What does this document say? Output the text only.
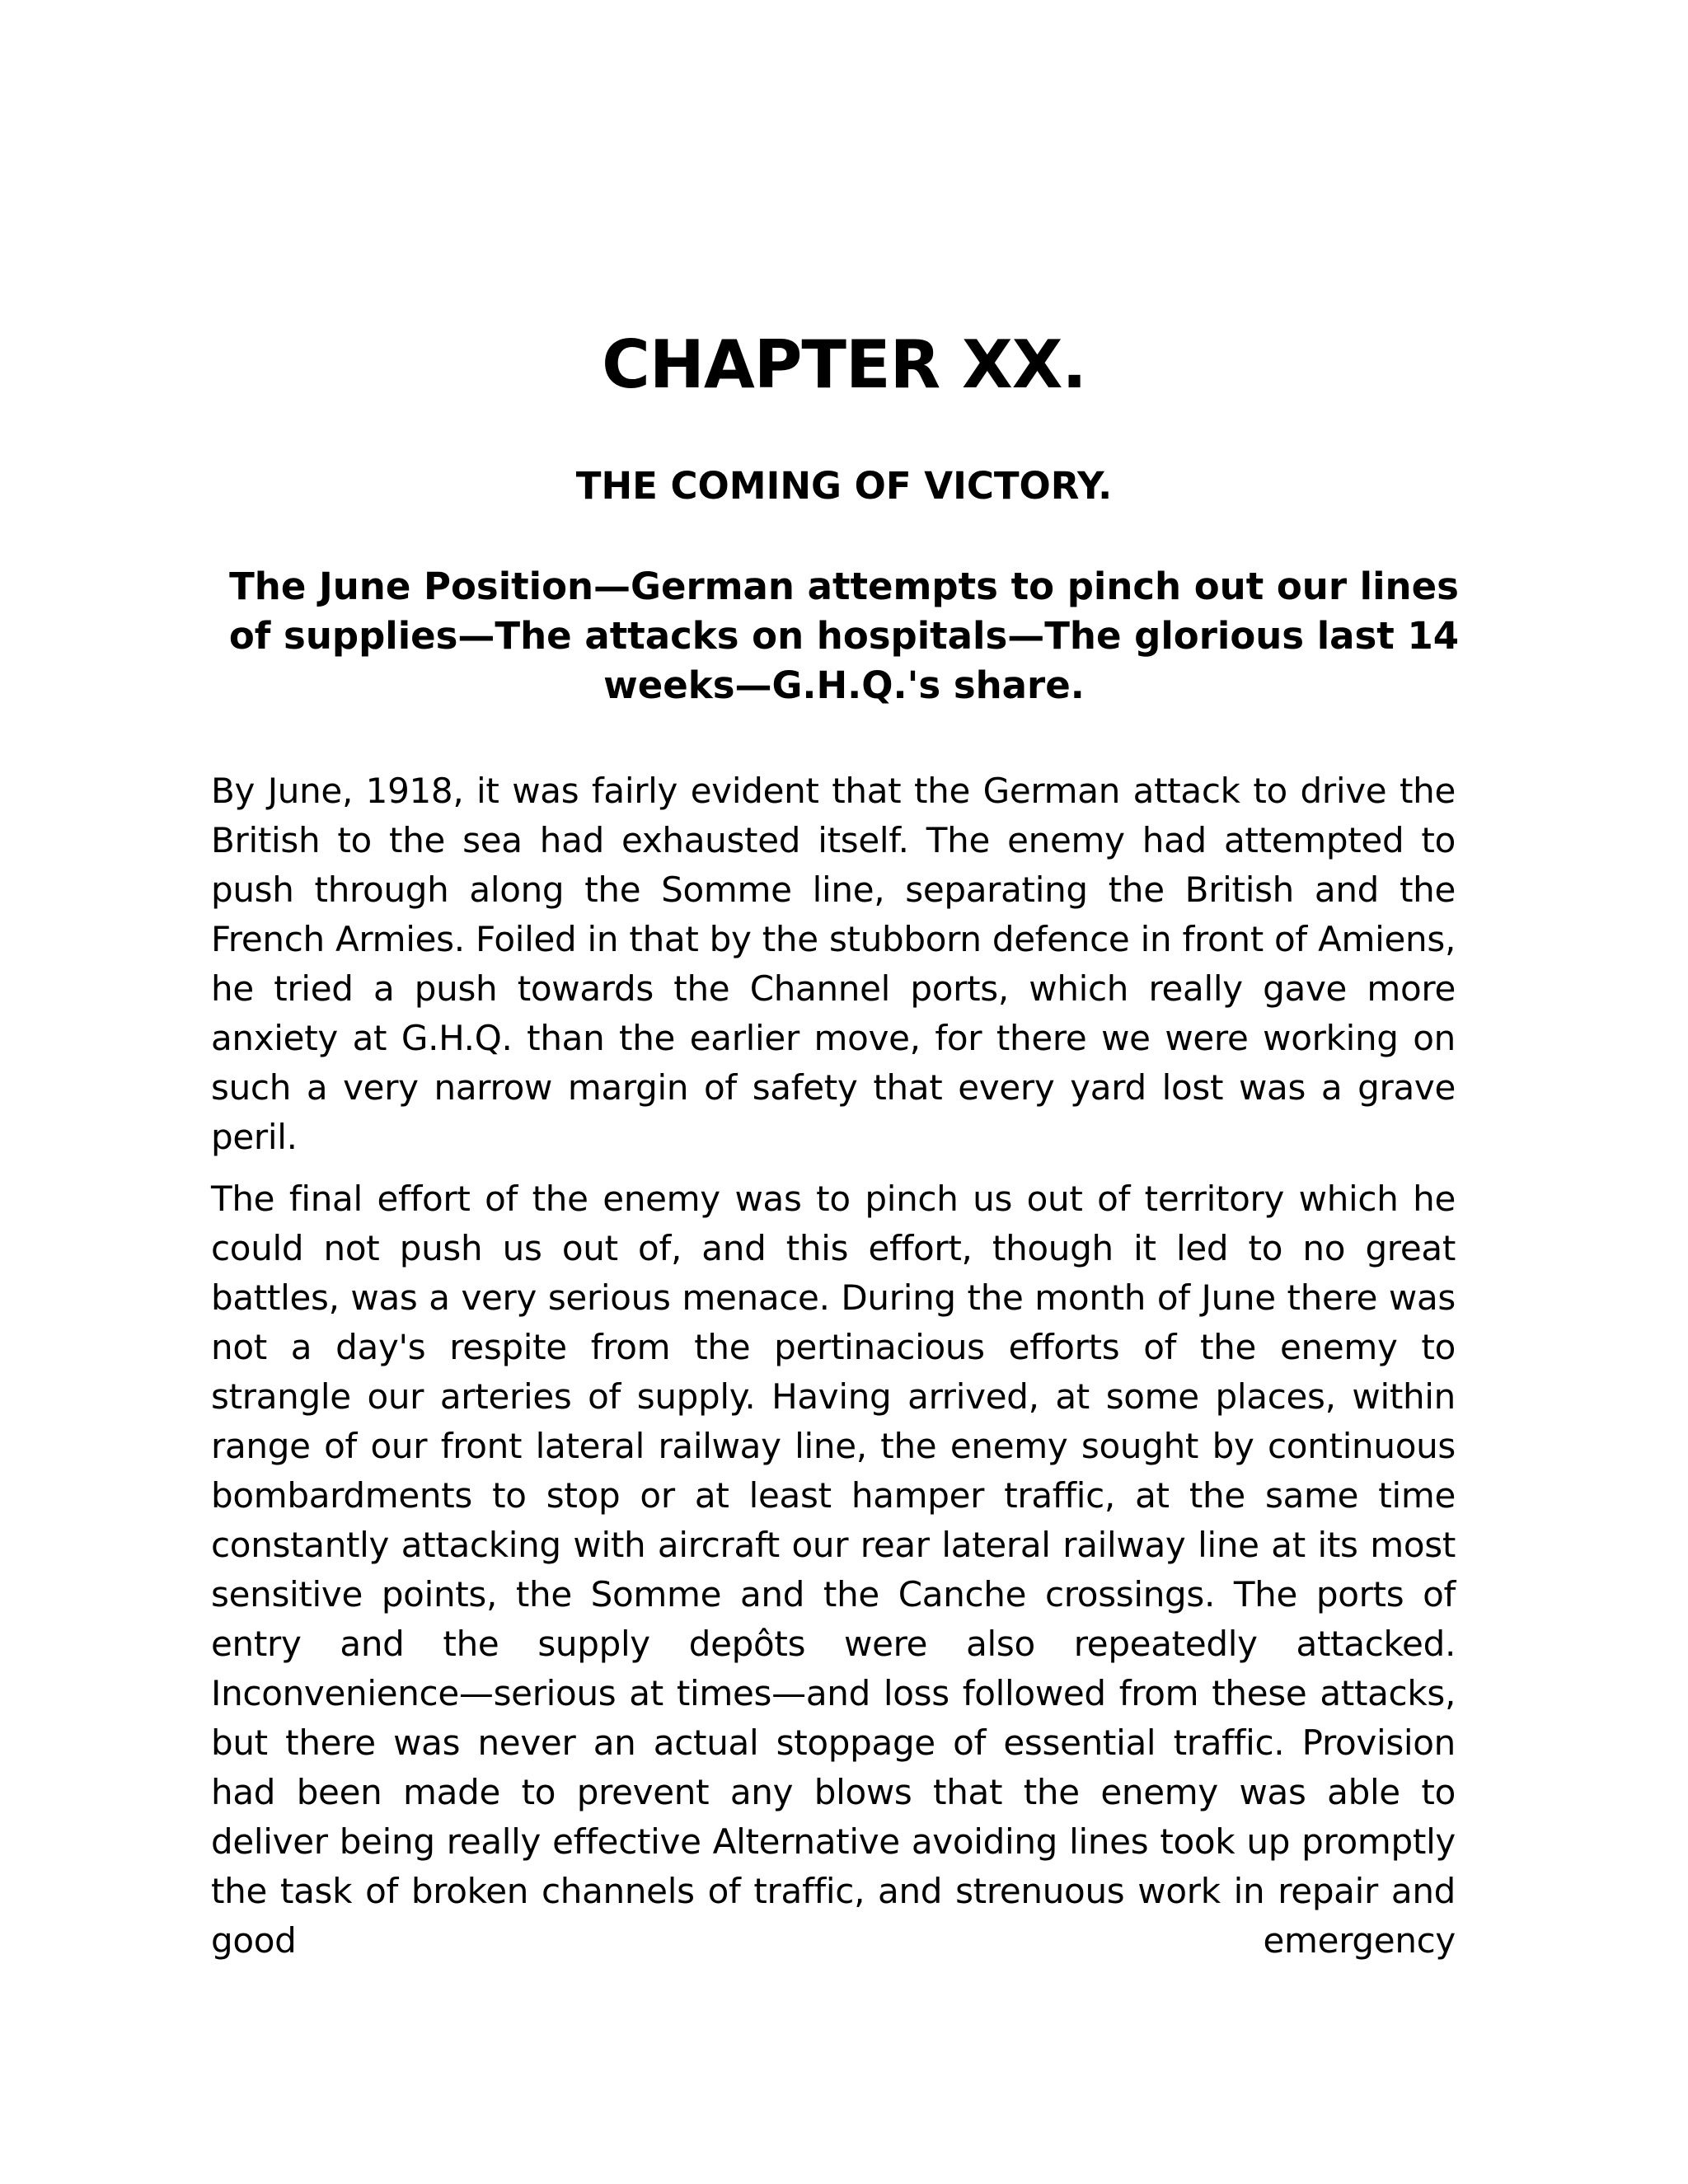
CHAPTER XX.
THE COMING OF VICTORY.

The June Position—German attempts to pinch out our lines of supplies—The attacks on hospitals—The glorious last 14 weeks—G.H.Q.'s share.

By June, 1918, it was fairly evident that the German attack to drive the British to the sea had exhausted itself. The enemy had attempted to push through along the Somme line, separating the British and the French Armies. Foiled in that by the stubborn defence in front of Amiens, he tried a push towards the Channel ports, which really gave more anxiety at G.H.Q. than the earlier move, for there we were working on such a very narrow margin of safety that every yard lost was a grave peril.

The final effort of the enemy was to pinch us out of territory which he could not push us out of, and this effort, though it led to no great battles, was a very serious menace. During the month of June there was not a day's respite from the pertinacious efforts of the enemy to strangle our arteries of supply. Having arrived, at some places, within range of our front lateral railway line, the enemy sought by continuous bombardments to stop or at least hamper traffic, at the same time constantly attacking with aircraft our rear lateral railway line at its most sensitive points, the Somme and the Canche crossings. The ports of entry and the supply depôts were also repeatedly attacked. Inconvenience—serious at times—and loss followed from these attacks, but there was never an actual stoppage of essential traffic. Provision had been made to prevent any blows that the enemy was able to deliver being really effective Alternative avoiding lines took up promptly the task of broken channels of traffic, and strenuous work in repair and good emergency
